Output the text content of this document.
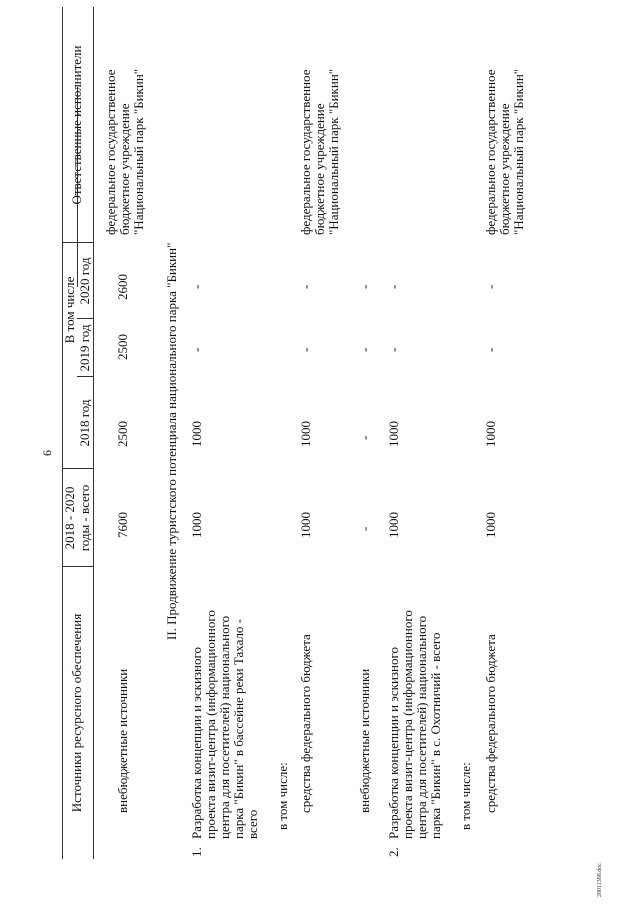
6
Источники ресурсного обеспечения
2018 - 2020 годы - всего
В том числе
2018 год
2019 год
2020 год
Ответственные исполнители
внебюджетные источники
7600
2500
2500
2600
федеральное государственное бюджетное учреждение "Национальный парк "Бикин"
II. Продвижение туристского потенциала национального парка "Бикин"
1.
Разработка концепции и эскизного проекта визит-центра (информационного центра для посетителей) национального парка "Бикин" в бассейне реки Тахало - всего
1000
1000
-
-
в том числе: средства федерального бюджета
1000
1000
-
-
федеральное государственное бюджетное учреждение "Национальный парк "Бикин"
внебюджетные источники
-
-
-
-
2.
Разработка концепции и эскизного проекта визит-центра (информационного центра для посетителей) национального парка "Бикин" в с. Охотничий - всего
1000
1000
-
-
в том числе: средства федерального бюджета
1000
1000
-
-
федеральное государственное бюджетное учреждение "Национальный парк "Бикин"
28011388.doc
